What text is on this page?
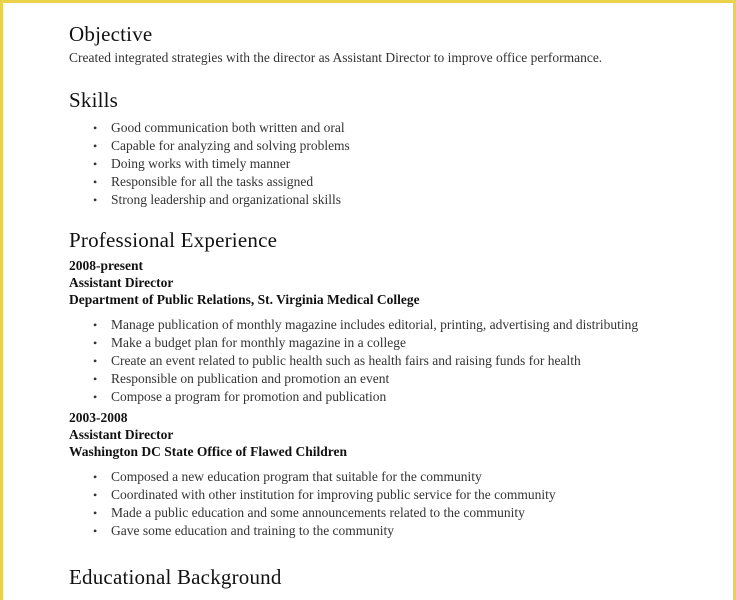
Objective
Created integrated strategies with the director as Assistant Director to improve office performance.
Skills
• Good communication both written and oral
• Capable for analyzing and solving problems
• Doing works with timely manner
• Responsible for all the tasks assigned
• Strong leadership and organizational skills
Professional Experience
2008-present
Assistant Director
Department of Public Relations, St. Virginia Medical College
• Manage publication of monthly magazine includes editorial, printing, advertising and distributing
• Make a budget plan for monthly magazine in a college
• Create an event related to public health such as health fairs and raising funds for health
• Responsible on publication and promotion an event
• Compose a program for promotion and publication
2003-2008
Assistant Director
Washington DC State Office of Flawed Children
• Composed a new education program that suitable for the community
• Coordinated with other institution for improving public service for the community
• Made a public education and some announcements related to the community
• Gave some education and training to the community
Educational Background
